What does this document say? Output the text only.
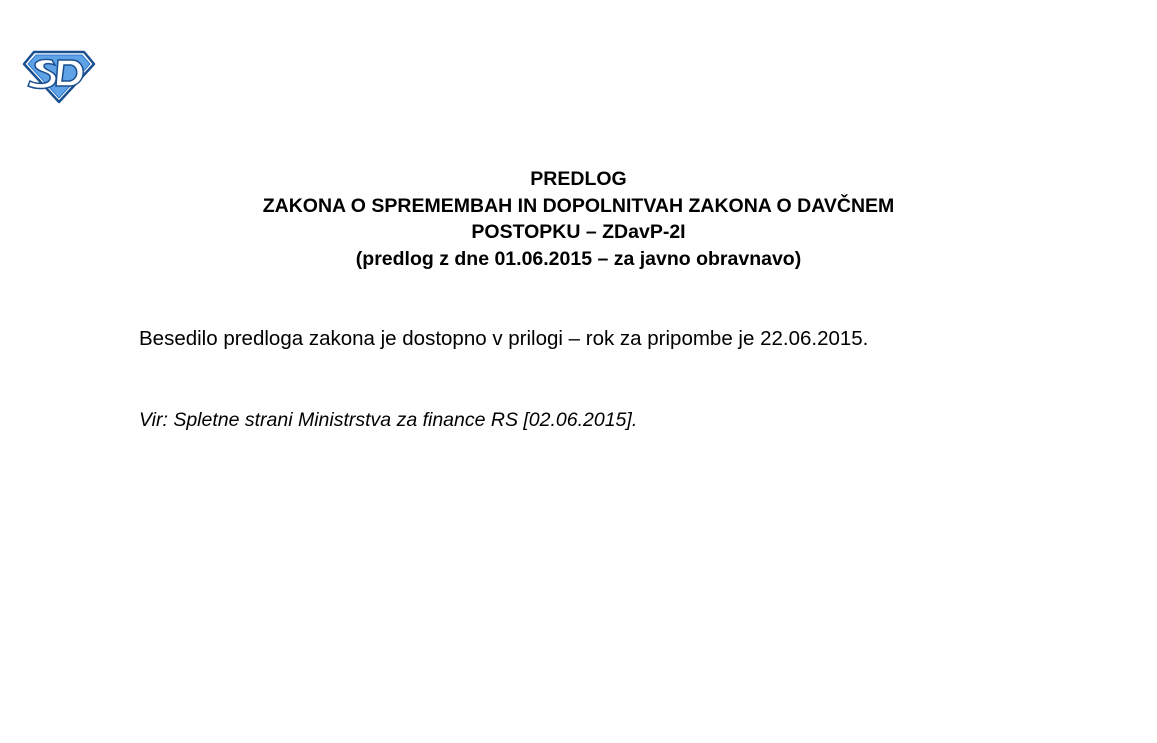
PREDLOG
ZAKONA O SPREMEMBAH IN DOPOLNITVAH ZAKONA O DAVČNEM
POSTOPKU – ZDavP-2I
(predlog z dne 01.06.2015 – za javno obravnavo)
Besedilo predloga zakona je dostopno v prilogi – rok za pripombe je 22.06.2015.
Vir: Spletne strani Ministrstva za finance RS [02.06.2015].
